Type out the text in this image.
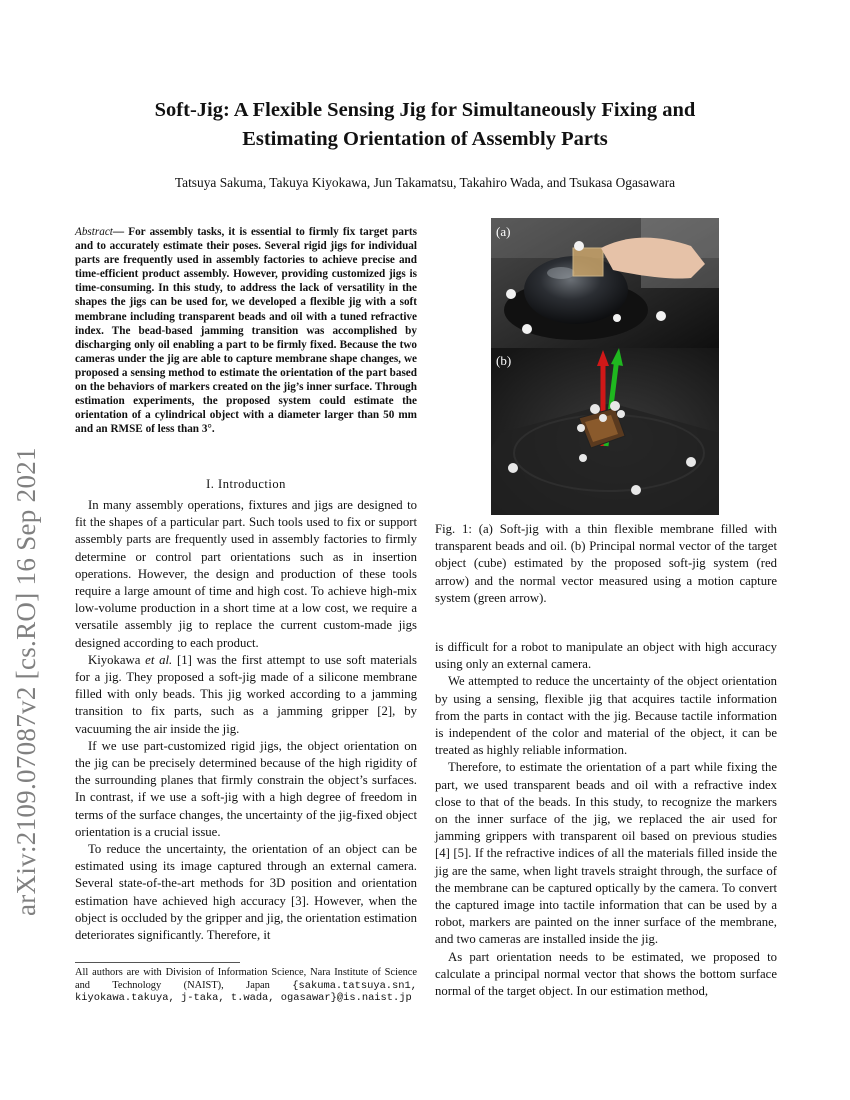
arXiv:2109.07087v2 [cs.RO] 16 Sep 2021
Soft-Jig: A Flexible Sensing Jig for Simultaneously Fixing and
Estimating Orientation of Assembly Parts
Tatsuya Sakuma, Takuya Kiyokawa, Jun Takamatsu, Takahiro Wada, and Tsukasa Ogasawara
Abstract— For assembly tasks, it is essential to firmly fix target parts and to accurately estimate their poses. Several rigid jigs for individual parts are frequently used in assembly factories to achieve precise and time-efficient product assembly. However, providing customized jigs is time-consuming. In this study, to address the lack of versatility in the shapes the jigs can be used for, we developed a flexible jig with a soft membrane including transparent beads and oil with a tuned refractive index. The bead-based jamming transition was accomplished by discharging only oil enabling a part to be firmly fixed. Because the two cameras under the jig are able to capture membrane shape changes, we proposed a sensing method to estimate the orientation of the part based on the behaviors of markers created on the jig’s inner surface. Through estimation experiments, the proposed system could estimate the orientation of a cylindrical object with a diameter larger than 50 mm and an RMSE of less than 3°.
I. Introduction

In many assembly operations, fixtures and jigs are designed to fit the shapes of a particular part. Such tools used to fix or support assembly parts are frequently used in assembly factories to firmly determine or control part orientations such as in insertion operations. However, the design and production of these tools require a large amount of time and high cost. To achieve high-mix low-volume production in a short time at a low cost, we require a versatile assembly jig to replace the current custom-made jigs designed according to each product.

Kiyokawa et al. [1] was the first attempt to use soft materials for a jig. They proposed a soft-jig made of a silicone membrane filled with only beads. This jig worked according to a jamming transition to fix parts, such as a jamming gripper [2], by vacuuming the air inside the jig.

If we use part-customized rigid jigs, the object orientation on the jig can be precisely determined because of the high rigidity of the surrounding planes that firmly constrain the object’s surfaces. In contrast, if we use a soft-jig with a high degree of freedom in terms of the surface changes, the uncertainty of the jig-fixed object orientation is a crucial issue.

To reduce the uncertainty, the orientation of an object can be estimated using its image captured through an external camera. Several state-of-the-art methods for 3D position and orientation estimation have achieved high accuracy [3]. However, when the object is occluded by the gripper and jig, the orientation estimation deteriorates significantly. Therefore, it

All authors are with Division of Information Science, Nara Institute of Science and Technology (NAIST), Japan {sakuma.tatsuya.sn1, kiyokawa.takuya, j-taka, t.wada, ogasawar}@is.naist.jp
(a)
(b)
Fig. 1: (a) Soft-jig with a thin flexible membrane filled with transparent beads and oil. (b) Principal normal vector of the target object (cube) estimated by the proposed soft-jig system (red arrow) and the normal vector measured using a motion capture system (green arrow).

is difficult for a robot to manipulate an object with high accuracy using only an external camera.

We attempted to reduce the uncertainty of the object orientation by using a sensing, flexible jig that acquires tactile information from the parts in contact with the jig. Because tactile information is independent of the color and material of the object, it can be treated as highly reliable information.

Therefore, to estimate the orientation of a part while fixing the part, we used transparent beads and oil with a refractive index close to that of the beads. In this study, to recognize the markers on the inner surface of the jig, we replaced the air used for jamming grippers with transparent oil based on previous studies [4] [5]. If the refractive indices of all the materials filled inside the jig are the same, when light travels straight through, the surface of the membrane can be captured optically by the camera. To convert the captured image into tactile information that can be used by a robot, markers are painted on the inner surface of the membrane, and two cameras are installed inside the jig.

As part orientation needs to be estimated, we proposed to calculate a principal normal vector that shows the bottom surface normal of the target object. In our estimation method,
